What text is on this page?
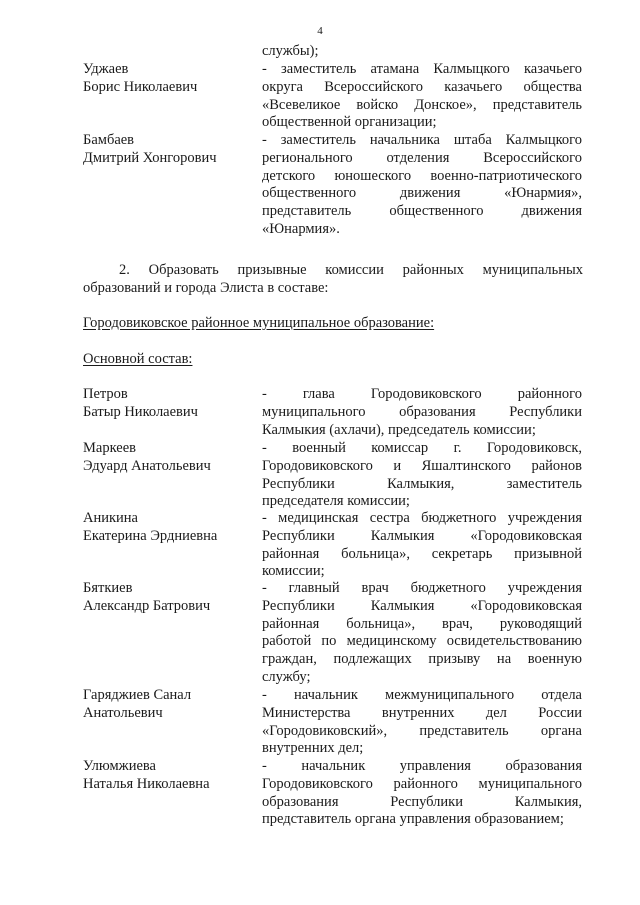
4
службы);
Уджаев
Борис Николаевич
- заместитель атамана Калмыцкого казачьего
округа Всероссийского казачьего общества
«Всевеликое войско Донское», представитель
общественной организации;
Бамбаев
Дмитрий Хонгорович
- заместитель начальника штаба Калмыцкого
регионального отделения Всероссийского
детского юношеского военно-патриотического
общественного движения «Юнармия»,
представитель общественного движения
«Юнармия».
2. Образовать призывные комиссии районных муниципальных
образований и города Элиста в составе:
Городовиковское районное муниципальное образование:
Основной состав:
Петров
Батыр Николаевич
- глава Городовиковского районного
муниципального образования Республики
Калмыкия (ахлачи), председатель комиссии;
Маркеев
Эдуард Анатольевич
- военный комиссар г. Городовиковск,
Городовиковского и Яшалтинского районов
Республики Калмыкия, заместитель
председателя комиссии;
Аникина
Екатерина Эрдниевна
- медицинская сестра бюджетного учреждения
Республики Калмыкия «Городовиковская
районная больница», секретарь призывной
комиссии;
Бяткиев
Александр Батрович
- главный врач бюджетного учреждения
Республики Калмыкия «Городовиковская
районная больница», врач, руководящий
работой по медицинскому освидетельствованию
граждан, подлежащих призыву на военную
службу;
Гаряджиев Санал
Анатольевич
- начальник межмуниципального отдела
Министерства внутренних дел России
«Городовиковский», представитель органа
внутренних дел;
Улюмжиева
Наталья Николаевна
- начальник управления образования
Городовиковского районного муниципального
образования Республики Калмыкия,
представитель органа управления образованием;
